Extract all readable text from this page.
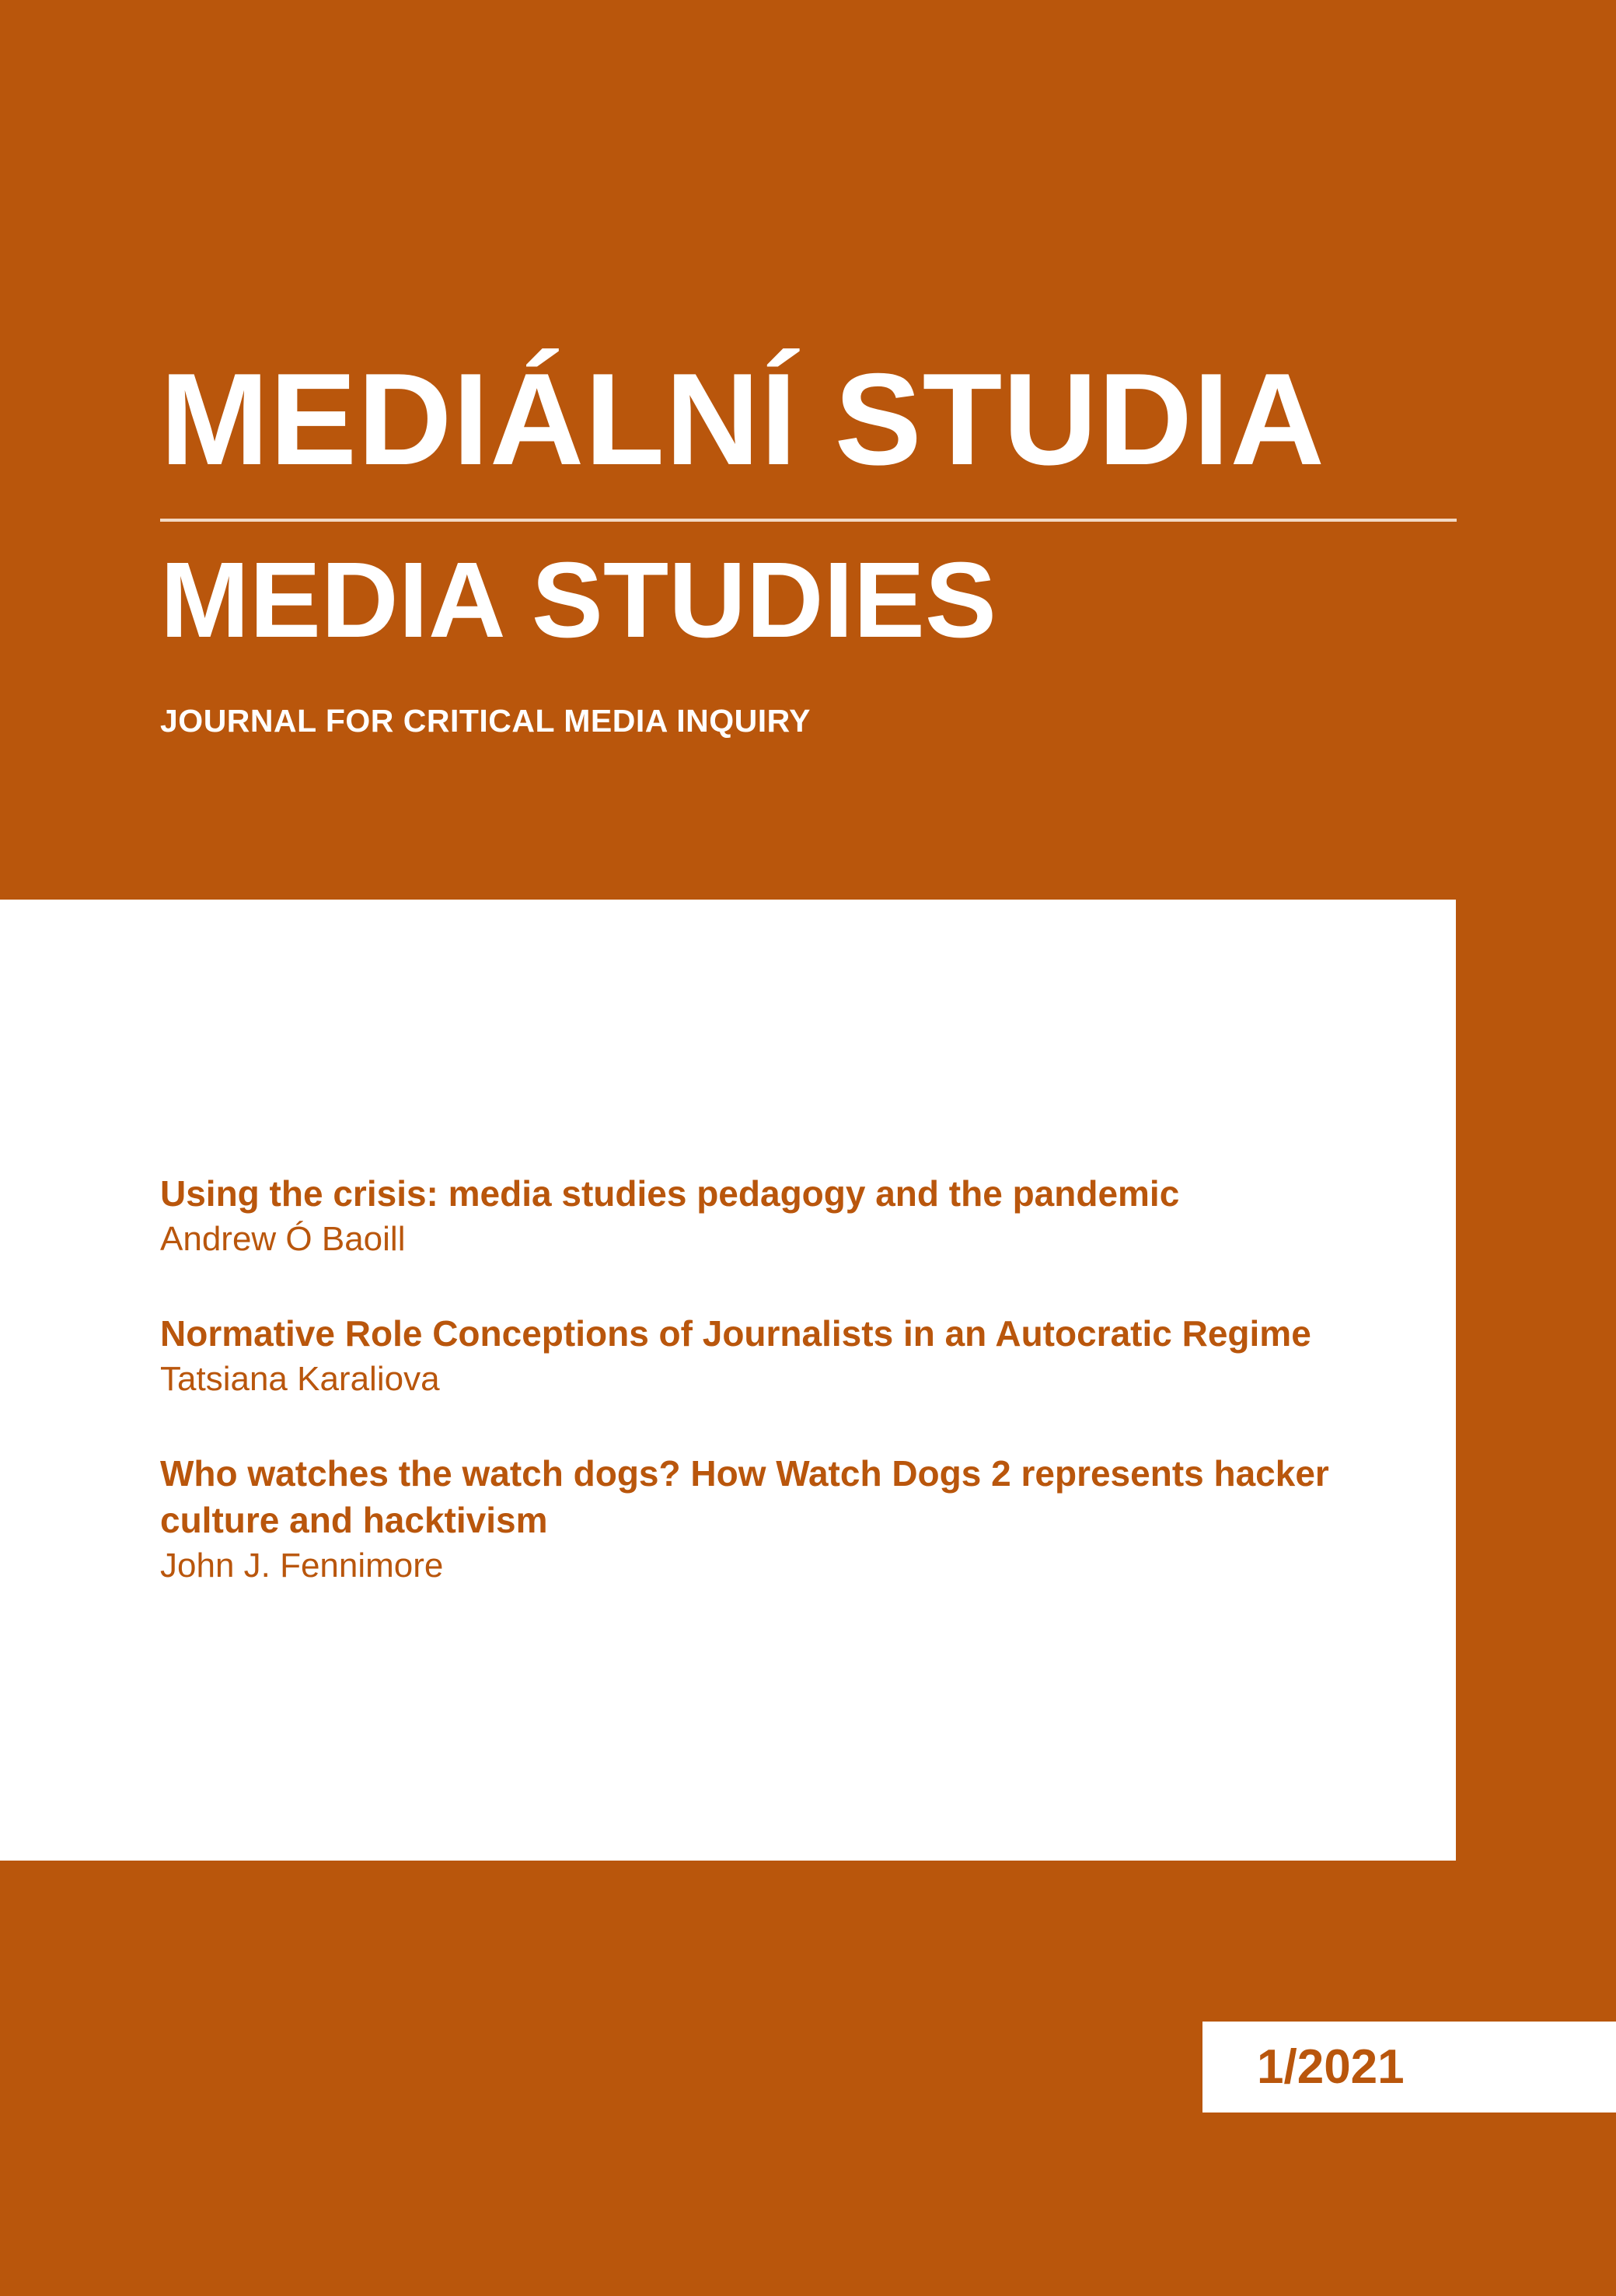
MEDIÁLNÍ STUDIA
MEDIA STUDIES
JOURNAL FOR CRITICAL MEDIA INQUIRY
Using the crisis: media studies pedagogy and the pandemic
Andrew Ó Baoill
Normative Role Conceptions of Journalists in an Autocratic Regime
Tatsiana Karaliova
Who watches the watch dogs? How Watch Dogs 2 represents hacker culture and hacktivism
John J. Fennimore
1/2021
